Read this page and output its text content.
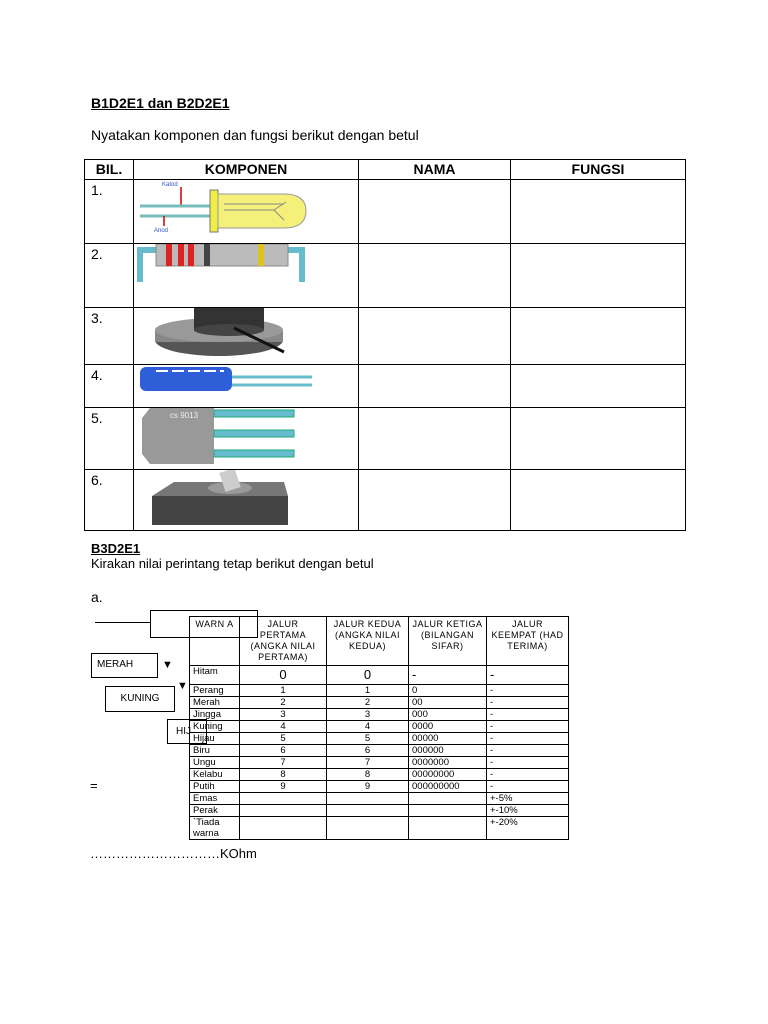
B1D2E1 dan B2D2E1
Nyatakan komponen dan fungsi berikut dengan betul
BIL.	KOMPONEN	NAMA	FUNGSI
1.	Katod
Anod		

2.			
3.			
4.			
5.	cs 9013		

6.			
B3D2E1
Kirakan nilai perintang tetap berikut dengan betul
a.
MERAH	▼
KUNING
▼
HIJ
=
WARN A	JALUR PERTAMA (ANGKA NILAI PERTAMA)	JALUR KEDUA (ANGKA NILAI KEDUA)	JALUR KETIGA (BILANGAN SIFAR)	JALUR KEEMPAT (HAD TERIMA)
Hitam	0	0	-	-
Perang	1	1	0	-
Merah	2	2	00	-
Jingga	3	3	000	-
Kuning	4	4	0000	-
Hijau	5	5	00000	-
Biru	6	6	000000	-
Ungu	7	7	0000000	-
Kelabu	8	8	00000000	-
Putih	9	9	000000000	-
Emas				+-5%
Perak				+-10%
`Tiada warna				+-20%
…………………………KOhm
